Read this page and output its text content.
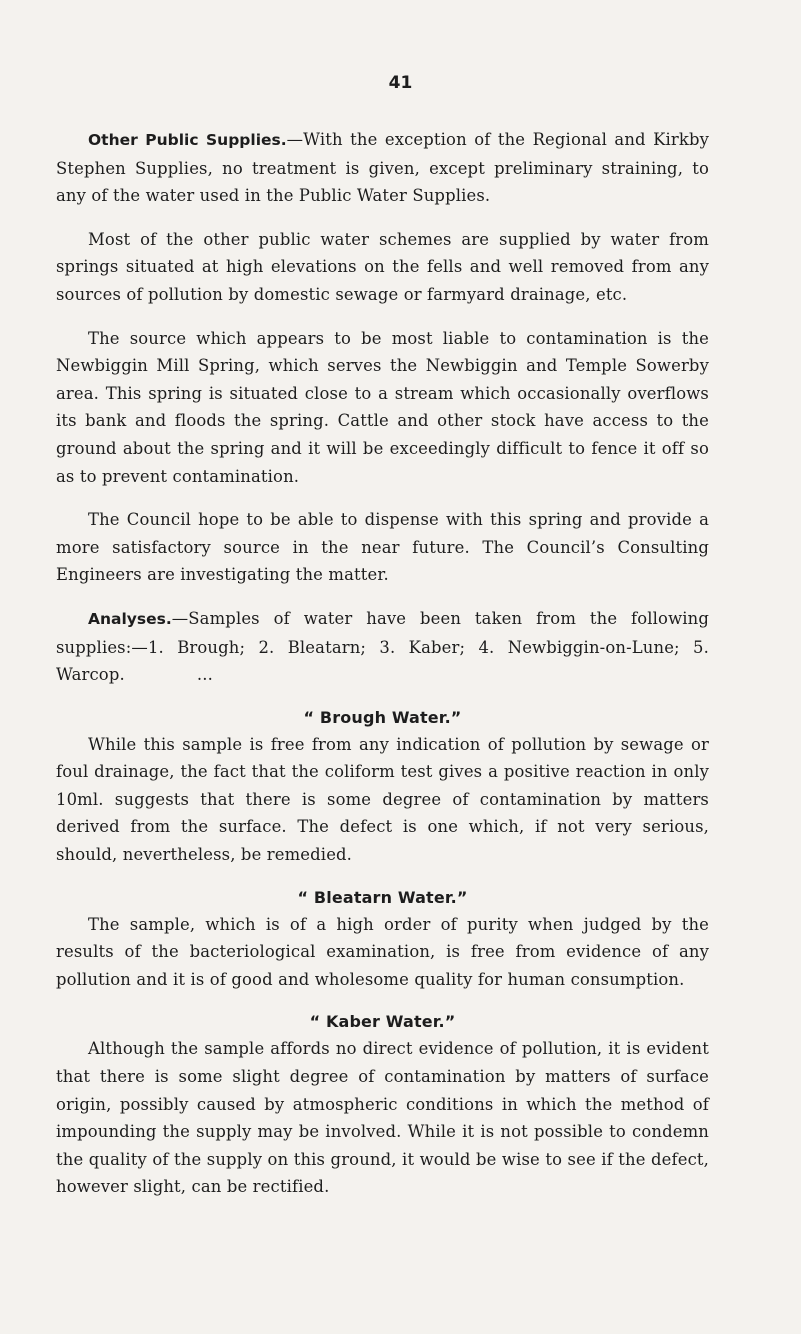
41

Other Public Supplies.—With the exception of the Regional and Kirkby Stephen Supplies, no treatment is given, except preliminary straining, to any of the water used in the Public Water Supplies.

Most of the other public water schemes are supplied by water from springs situated at high elevations on the fells and well removed from any sources of pollution by domestic sewage or farmyard drainage, etc.

The source which appears to be most liable to contamination is the Newbiggin Mill Spring, which serves the Newbiggin and Temple Sowerby area. This spring is situated close to a stream which occasionally overflows its bank and floods the spring. Cattle and other stock have access to the ground about the spring and it will be exceedingly difficult to fence it off so as to prevent contamination.

The Council hope to be able to dispense with this spring and provide a more satisfactory source in the near future. The Council’s Consulting Engineers are investigating the matter.

Analyses.—Samples of water have been taken from the following supplies:—1. Brough; 2. Bleatarn; 3. Kaber; 4. Newbiggin-on-Lune; 5. Warcop.	...

“ Brough Water.”

While this sample is free from any indication of pollution by sewage or foul drainage, the fact that the coliform test gives a positive reaction in only 10ml. suggests that there is some degree of contamination by matters derived from the surface. The defect is one which, if not very serious, should, nevertheless, be remedied.

“ Bleatarn Water.”

The sample, which is of a high order of purity when judged by the results of the bacteriological examination, is free from evidence of any pollution and it is of good and wholesome quality for human consumption.

“ Kaber Water.”

Although the sample affords no direct evidence of pollution, it is evident that there is some slight degree of contamination by matters of surface origin, possibly caused by atmospheric conditions in which the method of impounding the supply may be involved. While it is not possible to condemn the quality of the supply on this ground, it would be wise to see if the defect, however slight, can be rectified.
